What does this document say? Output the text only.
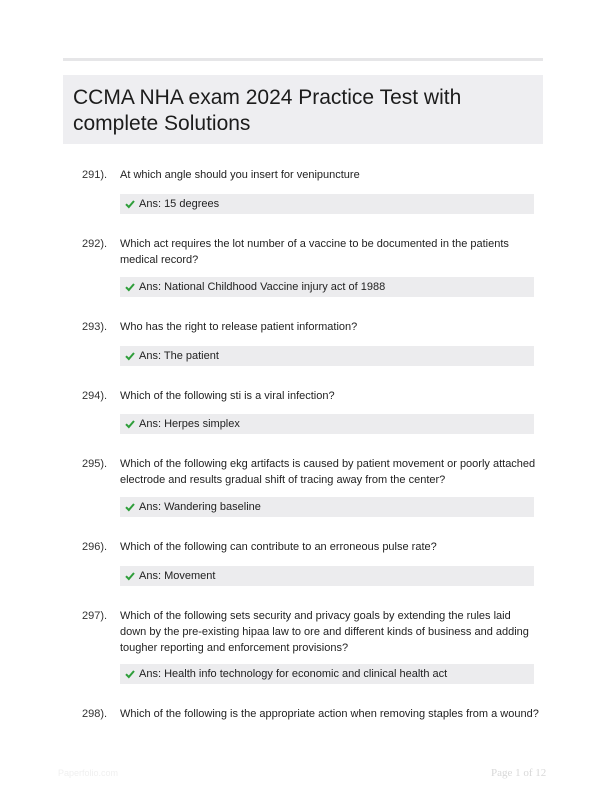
CCMA NHA exam 2024 Practice Test with complete Solutions
291). At which angle should you insert for venipuncture
Ans: 15 degrees
292). Which act requires the lot number of a vaccine to be documented in the patients medical record?
Ans: National Childhood Vaccine injury act of 1988
293). Who has the right to release patient information?
Ans: The patient
294). Which of the following sti is a viral infection?
Ans: Herpes simplex
295). Which of the following ekg artifacts is caused by patient movement or poorly attached electrode and results gradual shift of tracing away from the center?
Ans: Wandering baseline
296). Which of the following can contribute to an erroneous pulse rate?
Ans: Movement
297). Which of the following sets security and privacy goals by extending the rules laid down by the pre-existing hipaa law to ore and different kinds of business and adding tougher reporting and enforcement provisions?
Ans: Health info technology for economic and clinical health act
298). Which of the following is the appropriate action when removing staples from a wound?
Paperfolio.com	Page 1 of 12
